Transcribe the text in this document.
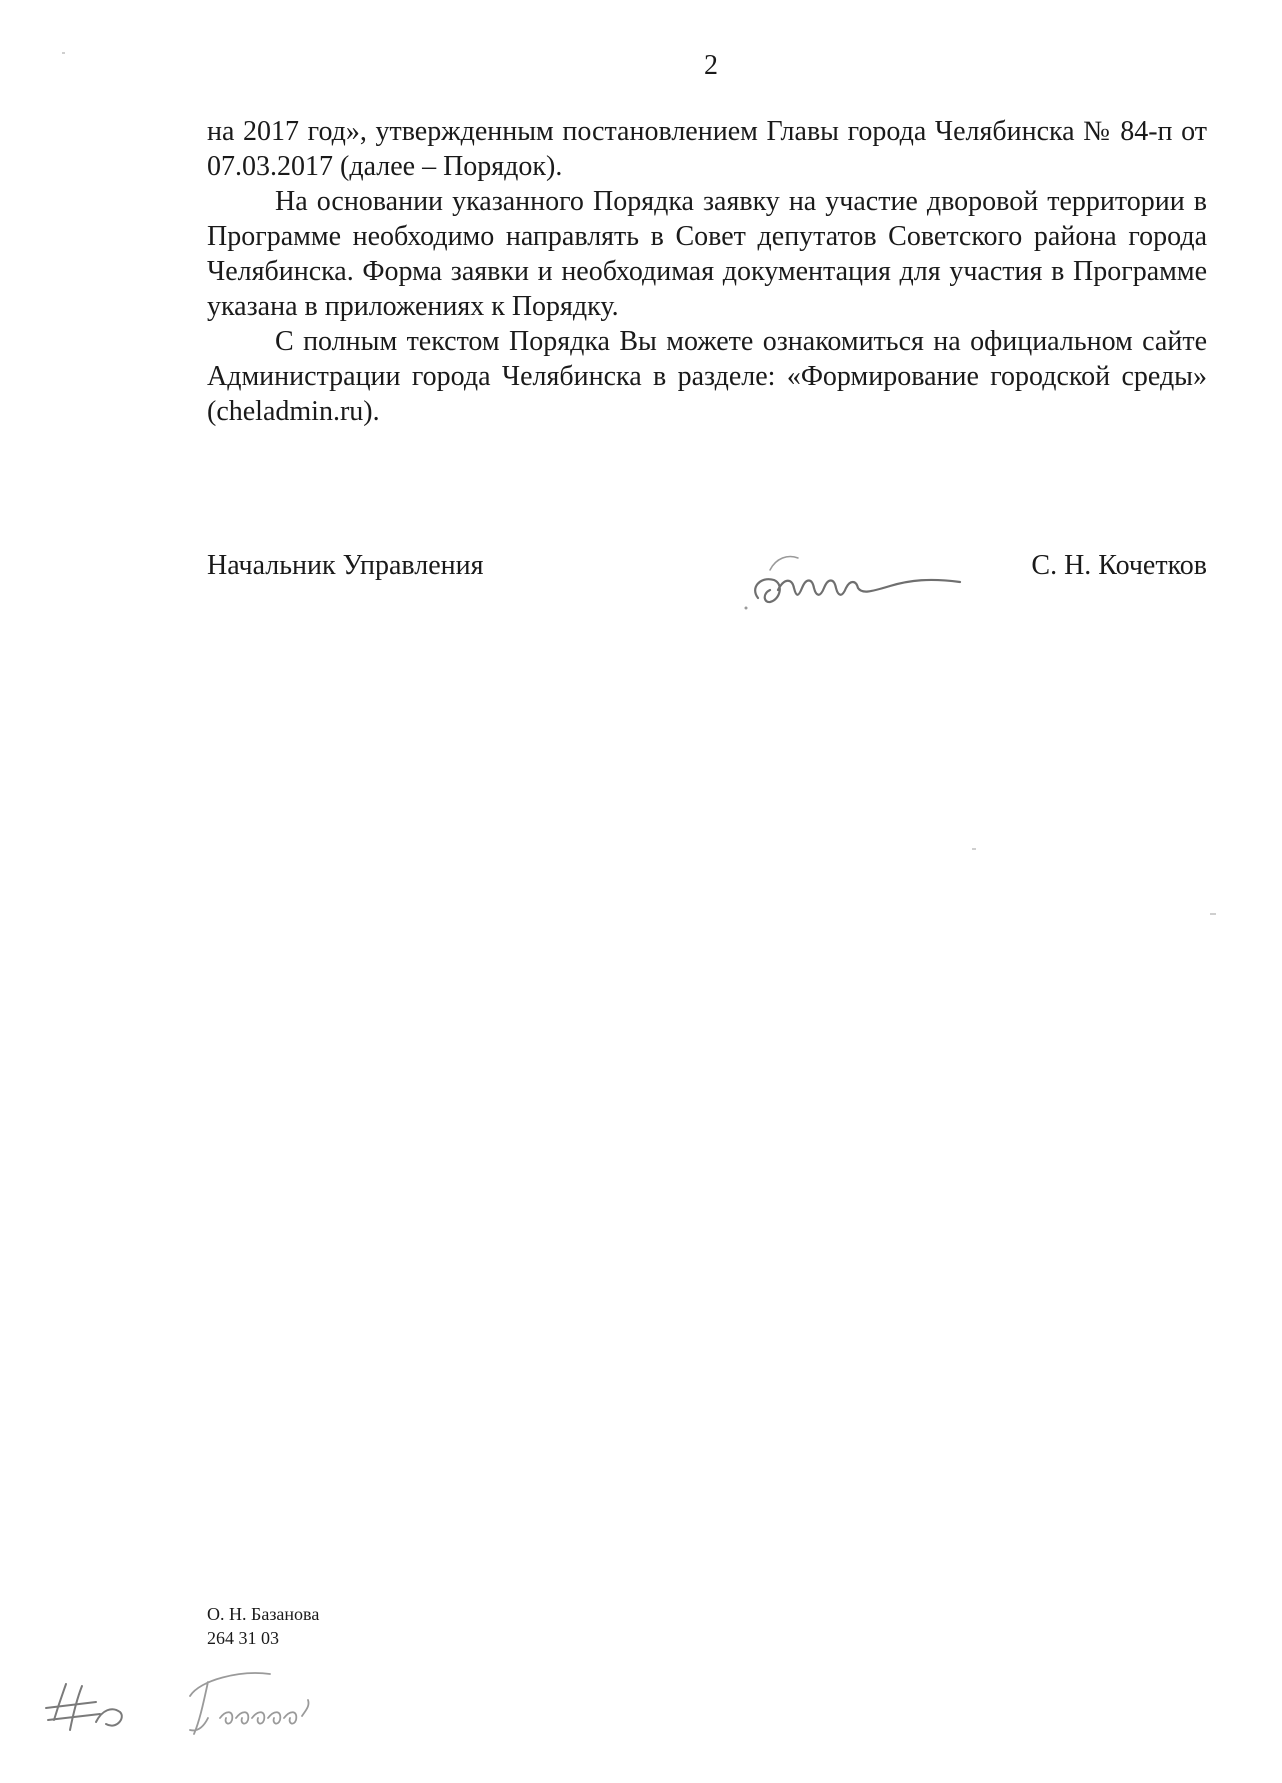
2

на 2017 год», утвержденным постановлением Главы города Челябинска № 84-п от 07.03.2017 (далее – Порядок).

На основании указанного Порядка заявку на участие дворовой территории в Программе необходимо направлять в Совет депутатов Советского района города Челябинска. Форма заявки и необходимая документация для участия в Программе указана в приложениях к Порядку.

С полным текстом Порядка Вы можете ознакомиться на официальном сайте Администрации города Челябинска в разделе: «Формирование городской среды» (cheladmin.ru).

Начальник Управления	С. Н. Кочетков
О. Н. Базанова
264 31 03
